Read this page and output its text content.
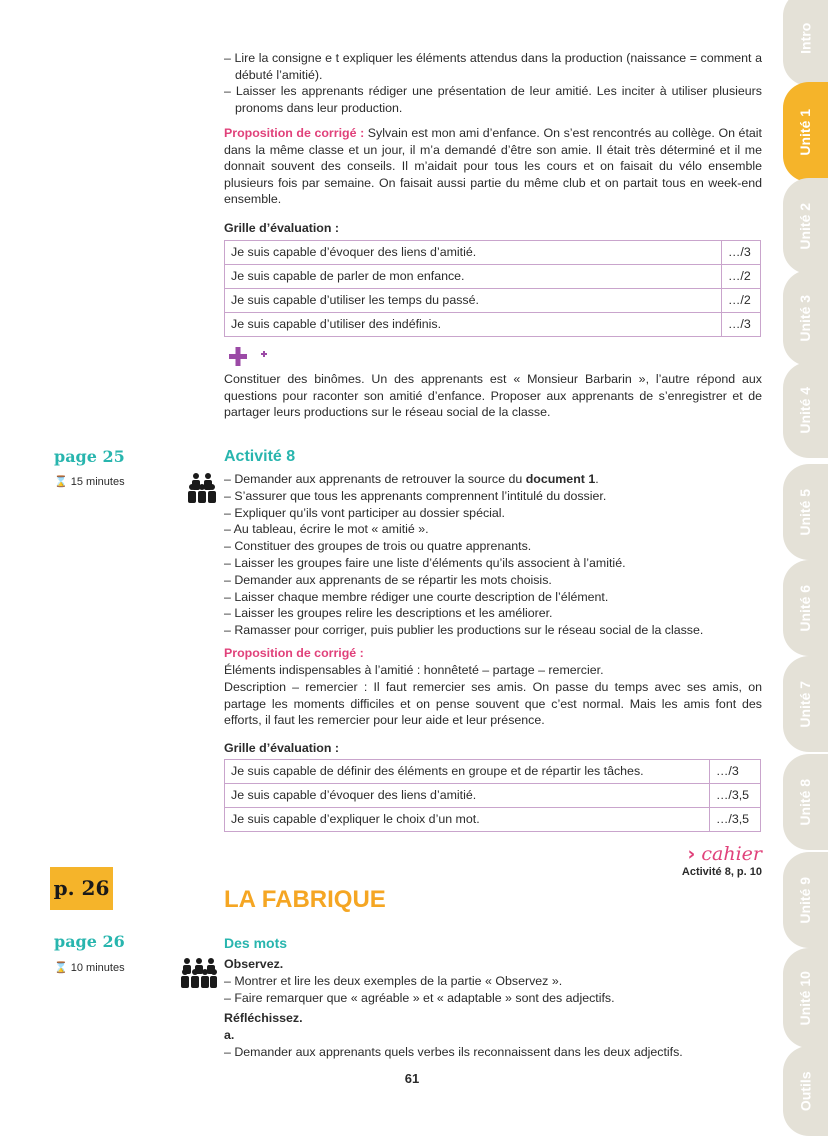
– Lire la consigne e t expliquer les éléments attendus dans la production (naissance = comment a débuté l’amitié).

– Laisser les apprenants rédiger une présentation de leur amitié. Les inciter à utiliser plusieurs pronoms dans leur production.

Proposition de corrigé : Sylvain est mon ami d’enfance. On s’est rencontrés au collège. On était dans la même classe et un jour, il m’a demandé d’être son amie. Il était très déterminé et il me donnait souvent des conseils. Il m’aidait pour tous les cours et on faisait du vélo ensemble plusieurs fois par semaine. On faisait aussi partie du même club et on partait tous en week-end ensemble.
Grille d’évaluation :
Je suis capable d’évoquer des liens d’amitié.	…/3
Je suis capable de parler de mon enfance.	…/2
Je suis capable d’utiliser les temps du passé.	…/2
Je suis capable d’utiliser des indéfinis.	…/3
Constituer des binômes. Un des apprenants est « Monsieur Barbarin », l’autre répond aux questions pour raconter son amitié d’enfance. Proposer aux apprenants de s’enregistrer et de partager leurs productions sur le réseau social de la classe.
page 25
⌛ 15 minutes
Activité 8

– Demander aux apprenants de retrouver la source du document 1.

– S’assurer que tous les apprenants comprennent l’intitulé du dossier.

– Expliquer qu’ils vont participer au dossier spécial.

– Au tableau, écrire le mot « amitié ».

– Constituer des groupes de trois ou quatre apprenants.

– Laisser les groupes faire une liste d’éléments qu’ils associent à l’amitié.

– Demander aux apprenants de se répartir les mots choisis.

– Laisser chaque membre rédiger une courte description de l’élément.

– Laisser les groupes relire les descriptions et les améliorer.

– Ramasser pour corriger, puis publier les productions sur le réseau social de la classe.

Proposition de corrigé :
Éléments indispensables à l’amitié : honnêteté – partage – remercier.
Description – remercier : Il faut remercier ses amis. On passe du temps avec ses amis, on partage les moments difficiles et on pense souvent que c’est normal. Mais les amis font des efforts, il faut les remercier pour leur aide et leur présence.
Grille d’évaluation :
Je suis capable de définir des éléments en groupe et de répartir les tâches.	…/3
Je suis capable d’évoquer des liens d’amitié.	…/3,5
Je suis capable d’expliquer le choix d’un mot.	…/3,5
› cahier
Activité 8, p. 10
p. 26	LA FABRIQUE
page 26
⌛ 10 minutes
Des mots
Observez.

– Montrer et lire les deux exemples de la partie « Observez ».

– Faire remarquer que « agréable » et « adaptable » sont des adjectifs.

Réfléchissez.
a.
– Demander aux apprenants quels verbes ils reconnaissent dans les deux adjectifs.
61
Intro
Unité 1
Unité 2
Unité 3
Unité 4
Unité 5
Unité 6
Unité 7
Unité 8
Unité 9
Unité 10
Outils
